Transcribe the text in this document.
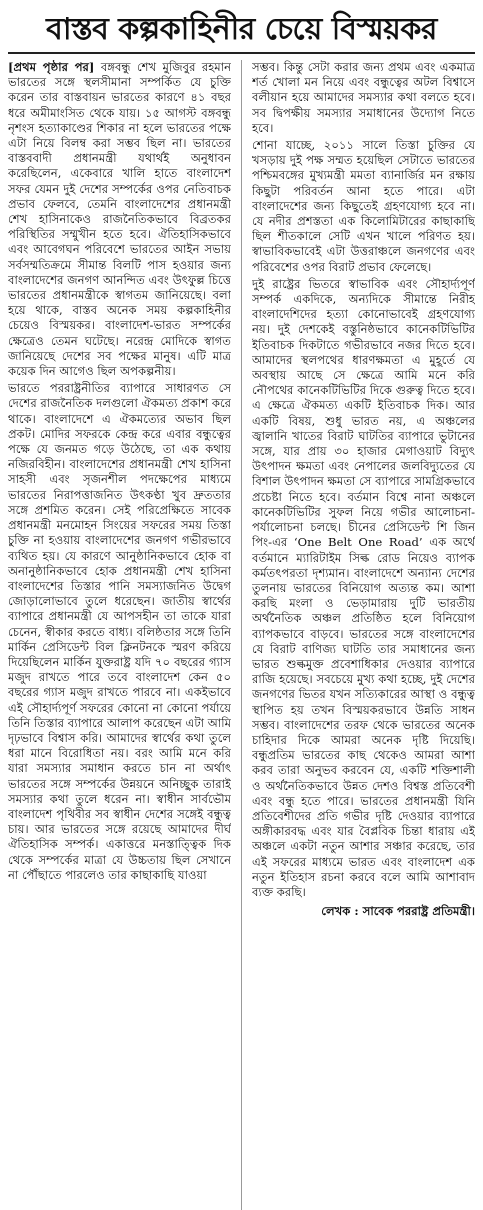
বাস্তব কল্পকাহিনীর চেয়ে বিস্ময়কর

[প্রথম পৃষ্ঠার পর] বঙ্গবন্ধু শেখ মুজিবুর রহমান ভারতের সঙ্গে স্থলসীমানা সম্পর্কিত যে চুক্তি করেন তার বাস্তবায়ন ভারতের কারণে ৪১ বছর ধরে অমীমাংসিত থেকে যায়। ১৫ আগস্ট বঙ্গবন্ধু নৃশংস হত্যাকাণ্ডের শিকার না হলে ভারতের পক্ষে এটা নিয়ে বিলম্ব করা সম্ভব ছিল না। ভারতের বাস্তববাদী প্রধানমন্ত্রী যথার্থই অনুধাবন করেছিলেন, একেবারে খালি হাতে বাংলাদেশ সফর যেমন দুই দেশের সম্পর্কের ওপর নেতিবাচক প্রভাব ফেলবে, তেমনি বাংলাদেশের প্রধানমন্ত্রী শেখ হাসিনাকেও রাজনৈতিকভাবে বিব্রতকর পরিস্থিতির সম্মুখীন হতে হবে। ঐতিহাসিকভাবে এবং আবেগঘন পরিবেশে ভারতের আইন সভায় সর্বসম্মতিক্রমে সীমান্ত বিলটি পাস হওয়ার জন্য বাংলাদেশের জনগণ আনন্দিত এবং উৎফুল্ল চিত্তে ভারতের প্রধানমন্ত্রীকে স্বাগতম জানিয়েছে। বলা হয়ে থাকে, বাস্তব অনেক সময় কল্পকাহিনীর চেয়েও বিস্ময়কর। বাংলাদেশ-ভারত সম্পর্কের ক্ষেত্রেও তেমন ঘটেছে। নরেন্দ্র মোদিকে স্বাগত জানিয়েছে দেশের সব পক্ষের মানুষ। এটি মাত্র কয়েক দিন আগেও ছিল অপকল্পনীয়।

ভারতে পররাষ্ট্রনীতির ব্যাপারে সাধারণত সে দেশের রাজনৈতিক দলগুলো ঐকমত্য প্রকাশ করে থাকে। বাংলাদেশে এ ঐকমত্যের অভাব ছিল প্রকট। মোদির সফরকে কেন্দ্র করে এবার বন্ধুত্বের পক্ষে যে জনমত গড়ে উঠেছে, তা এক কথায় নজিরবিহীন। বাংলাদেশের প্রধানমন্ত্রী শেখ হাসিনা সাহসী এবং সৃজনশীল পদক্ষেপের মাধ্যমে ভারতের নিরাপত্তাজনিত উৎকণ্ঠা খুব দ্রুততার সঙ্গে প্রশমিত করেন। সেই পরিপ্রেক্ষিতে সাবেক প্রধানমন্ত্রী মনমোহন সিংয়ের সফরের সময় তিস্তা চুক্তি না হওয়ায় বাংলাদেশের জনগণ গভীরভাবে ব্যথিত হয়। যে কারণে আনুষ্ঠানিকভাবে হোক বা অনানুষ্ঠানিকভাবে হোক প্রধানমন্ত্রী শেখ হাসিনা বাংলাদেশের তিস্তার পানি সমস্যাজনিত উদ্বেগ জোড়ালোভাবে তুলে ধরেছেন। জাতীয় স্বার্থের ব্যাপারে প্রধানমন্ত্রী যে আপসহীন তা তাকে যারা চেনেন, স্বীকার করতে বাধ্য। বলিষ্ঠতার সঙ্গে তিনি মার্কিন প্রেসিডেন্ট বিল ক্লিনটনকে স্মরণ করিয়ে দিয়েছিলেন মার্কিন যুক্তরাষ্ট্র যদি ৭০ বছরের গ্যাস মজুদ রাখতে পারে তবে বাংলাদেশ কেন ৫০ বছরের গ্যাস মজুদ রাখতে পারবে না। একইভাবে এই সৌহার্দ্যপূর্ণ সফরের কোনো না কোনো পর্যায়ে তিনি তিস্তার ব্যাপারে আলাপ করেছেন এটা আমি দৃঢ়ভাবে বিশ্বাস করি। আমাদের স্বার্থের কথা তুলে ধরা মানে বিরোধিতা নয়। বরং আমি মনে করি যারা সমস্যার সমাধান করতে চান না অর্থাৎ ভারতের সঙ্গে সম্পর্কের উন্নয়নে অনিচ্ছুক তারাই সমস্যার কথা তুলে ধরেন না। স্বাধীন সার্বভৌম বাংলাদেশ পৃথিবীর সব স্বাধীন দেশের সঙ্গেই বন্ধুত্ব চায়। আর ভারতের সঙ্গে রয়েছে আমাদের দীর্ঘ ঐতিহাসিক সম্পর্ক। একাত্তরে মনস্তাত্ত্বিক দিক থেকে সম্পর্কের মাত্রা যে উচ্চতায় ছিল সেখানে না পৌঁছাতে পারলেও তার কাছাকাছি যাওয়া

সম্ভব। কিন্তু সেটা করার জন্য প্রথম এবং একমাত্র শর্ত খোলা মন নিয়ে এবং বন্ধুত্বের অটল বিশ্বাসে বলীয়ান হয়ে আমাদের সমস্যার কথা বলতে হবে। সব দ্বিপক্ষীয় সমস্যার সমাধানের উদ্যোগ নিতে হবে।

শোনা যাচ্ছে, ২০১১ সালে তিস্তা চুক্তির যে খসড়ায় দুই পক্ষ সম্মত হয়েছিল সেটাতে ভারতের পশ্চিমবঙ্গের মুখ্যমন্ত্রী মমতা ব্যানার্জির মন রক্ষায় কিছুটা পরিবর্তন আনা হতে পারে। এটা বাংলাদেশের জন্য কিছুতেই গ্রহণযোগ্য হবে না। যে নদীর প্রশস্ততা এক কিলোমিটারের কাছাকাছি ছিল শীতকালে সেটি এখন খালে পরিণত হয়। স্বাভাবিকভাবেই এটা উত্তরাঞ্চলে জনগণের এবং পরিবেশের ওপর বিরাট প্রভাব ফেলেছে।

দুই রাষ্ট্রের ভিতরে স্বাভাবিক এবং সৌহার্দ্যপূর্ণ সম্পর্ক একদিকে, অন্যদিকে সীমান্তে নিরীহ বাংলাদেশিদের হত্যা কোনোভাবেই গ্রহণযোগ্য নয়। দুই দেশকেই বস্তুনিষ্ঠভাবে কানেকটিভিটির ইতিবাচক দিকটাতে গভীরভাবে নজর দিতে হবে। আমাদের স্থলপথের ধারণক্ষমতা এ মুহূর্তে যে অবস্থায় আছে সে ক্ষেত্রে আমি মনে করি নৌপথের কানেকটিভিটির দিকে গুরুত্ব দিতে হবে। এ ক্ষেত্রে ঐকমত্য একটি ইতিবাচক দিক। আর একটি বিষয়, শুধু ভারত নয়, এ অঞ্চলের জ্বালানি খাতের বিরাট ঘাটতির ব্যাপারে ভুটানের সঙ্গে, যার প্রায় ৩০ হাজার মেগাওয়াট বিদ্যুৎ উৎপাদন ক্ষমতা এবং নেপালের জলবিদ্যুতের যে বিশাল উৎপাদন ক্ষমতা সে ব্যাপারে সামগ্রিকভাবে প্রচেষ্টা নিতে হবে। বর্তমান বিশ্বে নানা অঞ্চলে কানেকটিভিটির সুফল নিয়ে গভীর আলোচনা-পর্যালোচনা চলছে। চীনের প্রেসিডেন্ট শি জিন পিং-এর ‘One Belt One Road’ এক অর্থে বর্তমানে ম্যারিটাইম সিল্ক রোড নিয়েও ব্যাপক কর্মতৎপরতা দৃশ্যমান। বাংলাদেশে অন্যান্য দেশের তুলনায় ভারতের বিনিয়োগ অত্যন্ত কম। আশা করছি মংলা ও ভেড়ামারায় দুটি ভারতীয় অর্থনৈতিক অঞ্চল প্রতিষ্ঠিত হলে বিনিয়োগ ব্যাপকভাবে বাড়বে। ভারতের সঙ্গে বাংলাদেশের যে বিরাট বাণিজ্য ঘাটতি তার সমাধানের জন্য ভারত শুল্কমুক্ত প্রবেশাধিকার দেওয়ার ব্যাপারে রাজি হয়েছে। সবচেয়ে মুখ্য কথা হচ্ছে, দুই দেশের জনগণের ভিতর যখন সত্যিকারের আস্থা ও বন্ধুত্ব স্থাপিত হয় তখন বিস্ময়করভাবে উন্নতি সাধন সম্ভব। বাংলাদেশের তরফ থেকে ভারতের অনেক চাহিদার দিকে আমরা অনেক দৃষ্টি দিয়েছি। বন্ধুপ্রতিম ভারতের কাছ থেকেও আমরা আশা করব তারা অনুভব করবেন যে, একটি শক্তিশালী ও অর্থনৈতিকভাবে উন্নত দেশও বিশ্বস্ত প্রতিবেশী এবং বন্ধু হতে পারে। ভারতের প্রধানমন্ত্রী যিনি প্রতিবেশীদের প্রতি গভীর দৃষ্টি দেওয়ার ব্যাপারে অঙ্গীকারবদ্ধ এবং যার বৈপ্লবিক চিন্তা ধারায় এই অঞ্চলে একটা নতুন আশার সঞ্চার করেছে, তার এই সফরের মাধ্যমে ভারত এবং বাংলাদেশ এক নতুন ইতিহাস রচনা করবে বলে আমি আশাবাদ ব্যক্ত করছি।

লেখক : সাবেক পররাষ্ট্র প্রতিমন্ত্রী।
